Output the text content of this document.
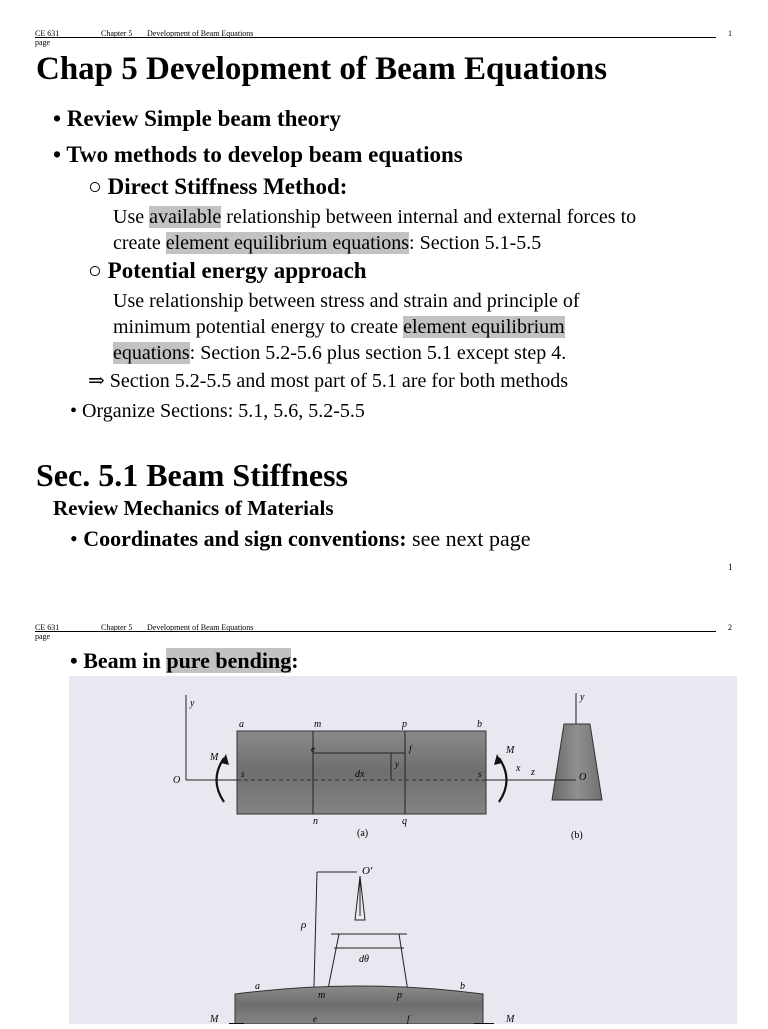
CE 631	Chapter 5 Development of Beam Equations	1
page
Chap 5 Development of Beam Equations
• Review Simple beam theory
• Two methods to develop beam equations
○ Direct Stiffness Method:
Use available relationship between internal and external forces to
create element equilibrium equations: Section 5.1-5.5
○ Potential energy approach
Use relationship between stress and strain and principle of
minimum potential energy to create element equilibrium
equations: Section 5.2-5.6 plus section 5.1 except step 4.
⇒ Section 5.2-5.5 and most part of 5.1 are for both methods
• Organize Sections: 5.1, 5.6, 5.2-5.5
Sec. 5.1 Beam Stiffness
Review Mechanics of Materials
• Coordinates and sign conventions: see next page
1
CE 631	Chapter 5 Development of Beam Equations	2
page
• Beam in pure bending:
y
a	m	p	b
e	f
M
O
s	dx
y
s
M
x
n	q
(a)
y
z	O
(b)
O′
ρ
dθ
a
m	p
b
M	e	f	M
